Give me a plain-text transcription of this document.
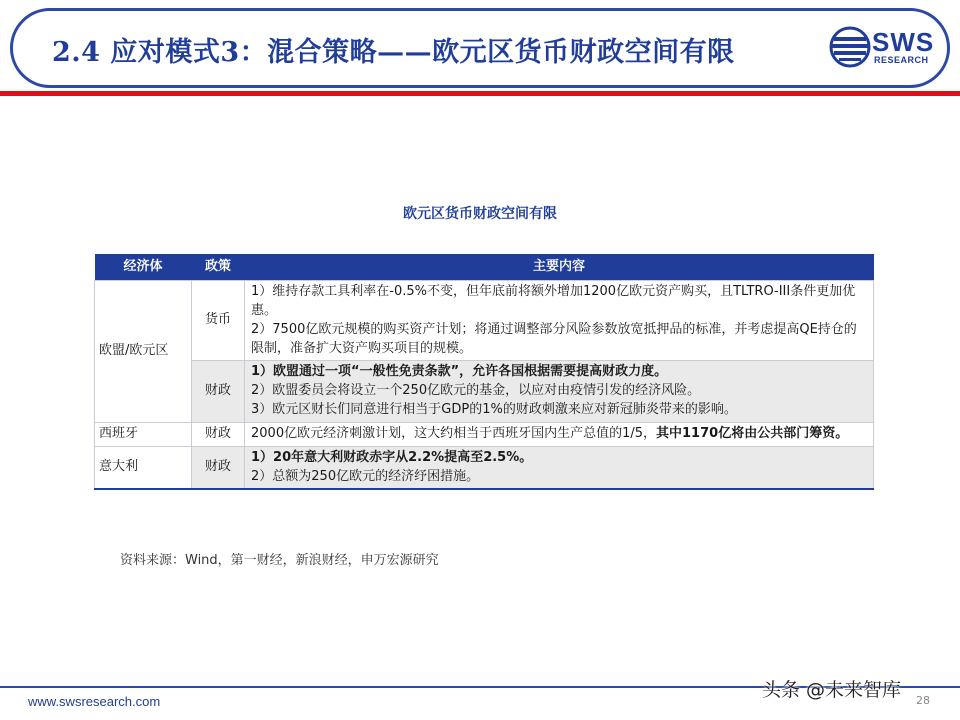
2.4 应对模式3：混合策略——欧元区货币财政空间有限	SWS
RESEARCH
欧元区货币财政空间有限
经济体	政策	主要内容
欧盟/欧元区	货币	1）维持存款工具利率在-0.5%不变，但年底前将额外增加1200亿欧元资产购买，且TLTRO-III条件更加优惠。
2）7500亿欧元规模的购买资产计划；将通过调整部分风险参数放宽抵押品的标准，并考虑提高QE持仓的限制，准备扩大资产购买项目的规模。

	财政	1）欧盟通过一项“一般性免责条款”，允许各国根据需要提高财政力度。
2）欧盟委员会将设立一个250亿欧元的基金，以应对由疫情引发的经济风险。
3）欧元区财长们同意进行相当于GDP的1%的财政刺激来应对新冠肺炎带来的影响。

西班牙	财政	2000亿欧元经济刺激计划，这大约相当于西班牙国内生产总值的1/5，其中1170亿将由公共部门筹资。

意大利	财政	1）20年意大利财政赤字从2.2%提高至2.5%。
2）总额为250亿欧元的经济纾困措施。
资料来源：Wind，第一财经，新浪财经，申万宏源研究
www.swsresearch.com	28
头条 @未来智库
